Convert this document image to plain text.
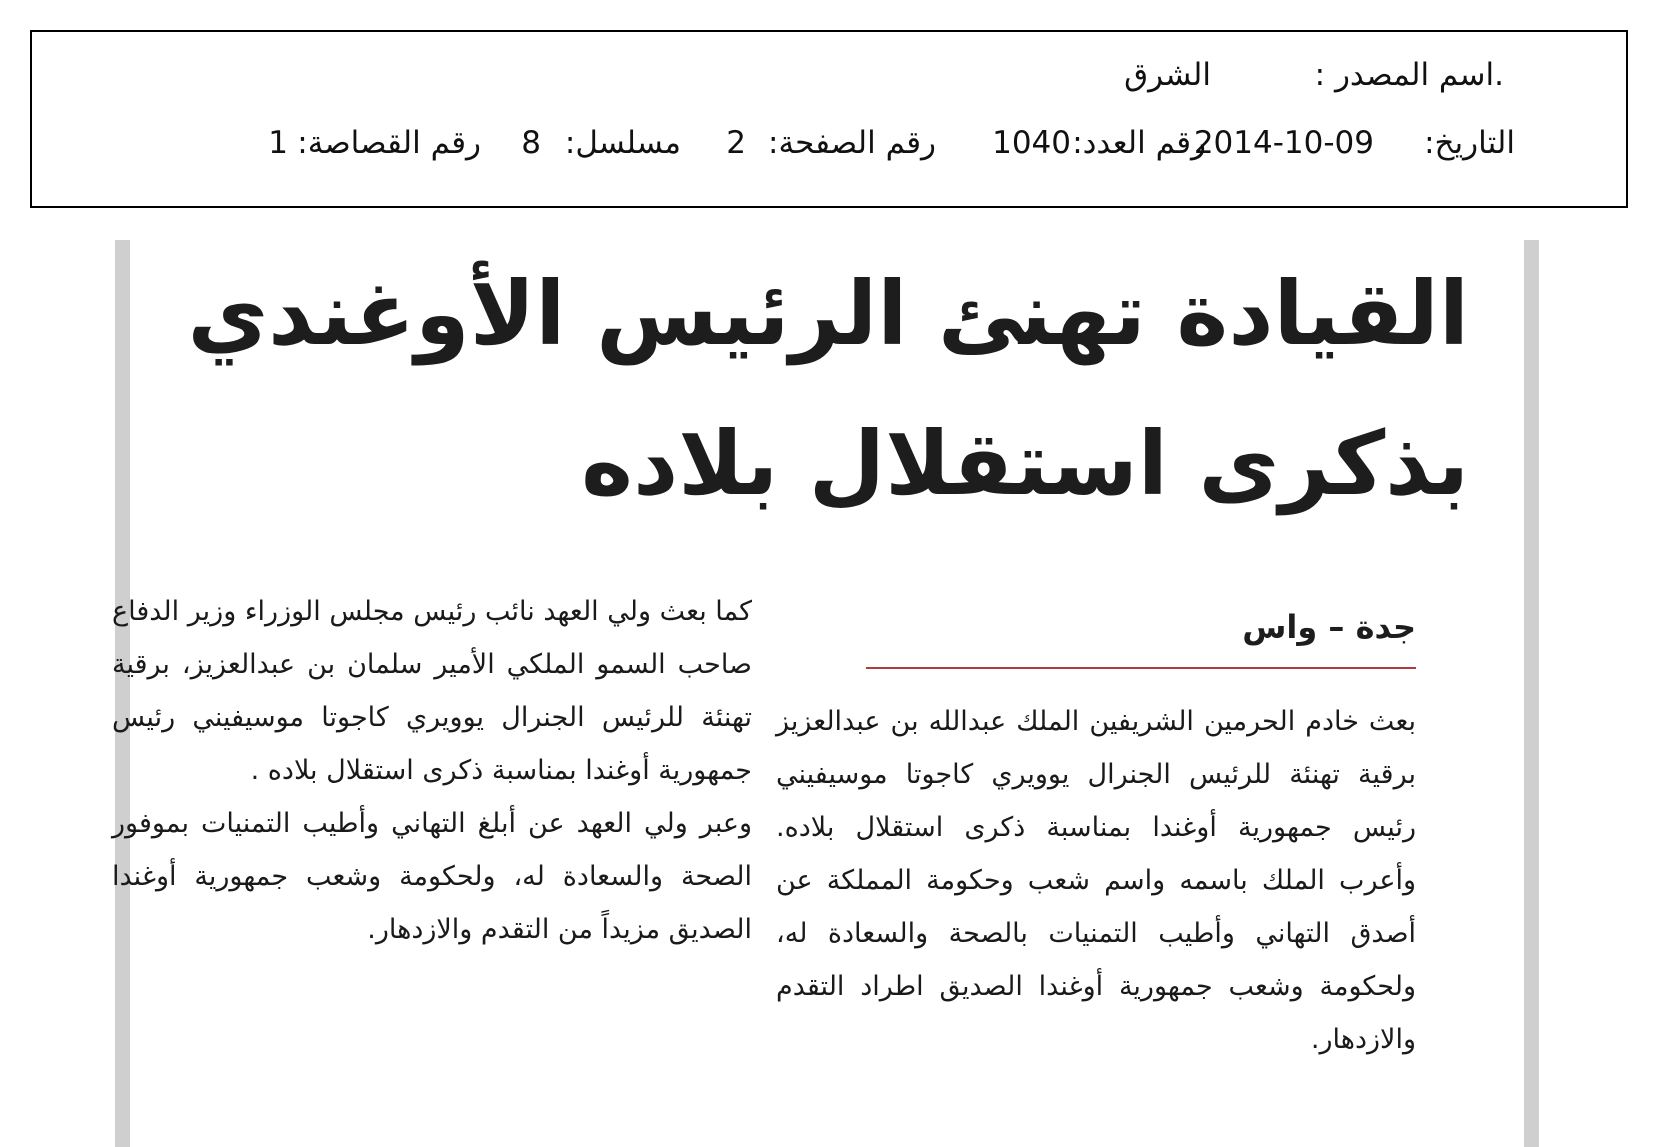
.اسم المصدر :
الشرق
التاريخ:
2014-10-09
رقم العدد:
1040
رقم الصفحة:
2
مسلسل:
8
رقم القصاصة:
1
القيادة تهنئ الرئيس الأوغندي
بذكرى استقلال بلاده
جدة – واس

بعث خادم الحرمين الشريفين الملك عبدالله بن عبدالعزيز برقية تهنئة للرئيس الجنرال يوويري كاجوتا موسيفيني رئيس جمهورية أوغندا بمناسبة ذكرى استقلال بلاده. وأعرب الملك باسمه واسم شعب وحكومة المملكة عن أصدق التهاني وأطيب التمنيات بالصحة والسعادة له، ولحكومة وشعب جمهورية أوغندا الصديق اطراد التقدم والازدهار.

كما بعث ولي العهد نائب رئيس مجلس الوزراء وزير الدفاع صاحب السمو الملكي الأمير سلمان بن عبدالعزيز، برقية تهنئة للرئيس الجنرال يوويري كاجوتا موسيفيني رئيس جمهورية أوغندا بمناسبة ذكرى استقلال بلاده .

وعبر ولي العهد عن أبلغ التهاني وأطيب التمنيات بموفور الصحة والسعادة له، ولحكومة وشعب جمهورية أوغندا الصديق مزيداً من التقدم والازدهار.
